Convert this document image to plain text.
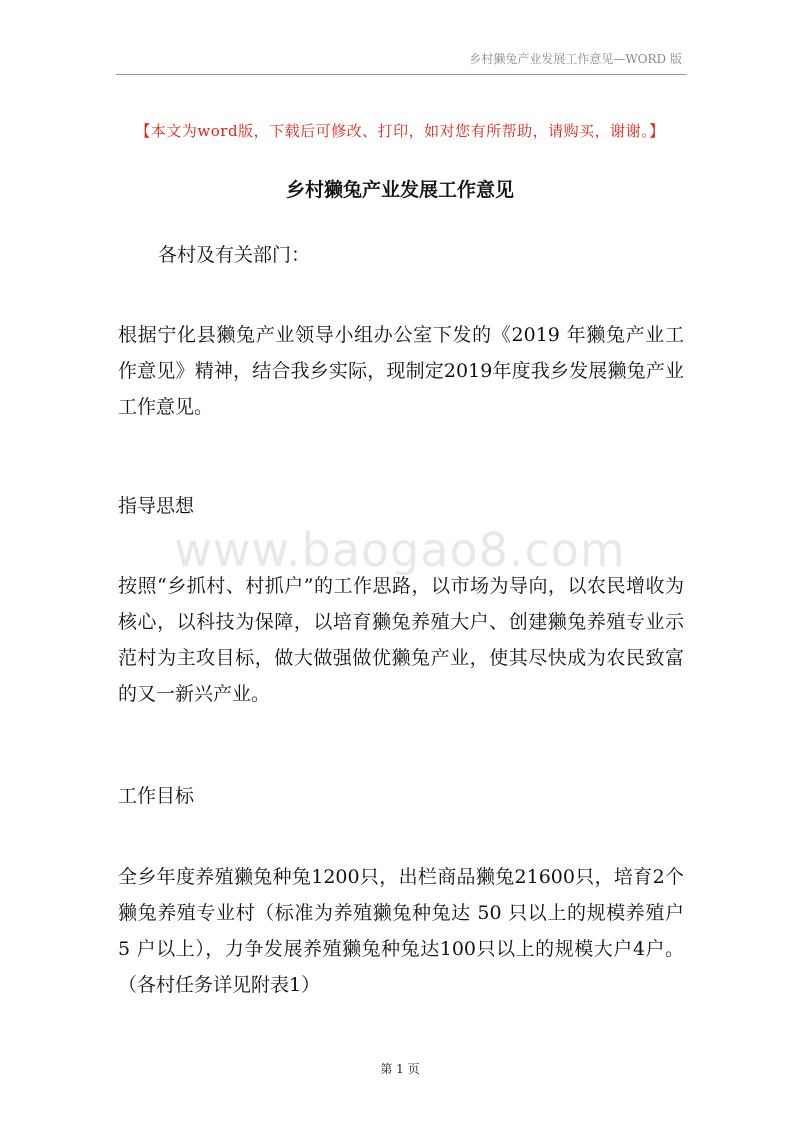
乡村獭兔产业发展工作意见—WORD 版
【本文为word版，下载后可修改、打印，如对您有所帮助，请购买，谢谢。】
乡村獭兔产业发展工作意见
各村及有关部门：
根据宁化县獭兔产业领导小组办公室下发的《2019 年獭兔产业工作意见》精神，结合我乡实际，现制定2019年度我乡发展獭兔产业工作意见。
指导思想
www.baogao8.com
按照“乡抓村、村抓户”的工作思路，以市场为导向，以农民增收为核心，以科技为保障，以培育獭兔养殖大户、创建獭兔养殖专业示范村为主攻目标，做大做强做优獭兔产业，使其尽快成为农民致富的又一新兴产业。
工作目标
全乡年度养殖獭兔种兔1200只，出栏商品獭兔21600只，培育2个獭兔养殖专业村（标准为养殖獭兔种兔达 50 只以上的规模养殖户 5 户以上），力争发展养殖獭兔种兔达100只以上的规模大户4户。（各村任务详见附表1）
第 1 页
